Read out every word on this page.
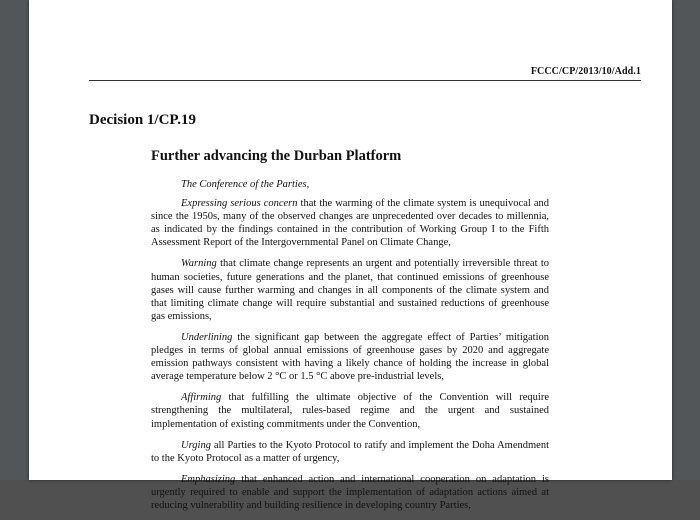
FCCC/CP/2013/10/Add.1
Decision 1/CP.19
Further advancing the Durban Platform

The Conference of the Parties,

Expressing serious concern that the warming of the climate system is unequivocal and since the 1950s, many of the observed changes are unprecedented over decades to millennia, as indicated by the findings contained in the contribution of Working Group I to the Fifth Assessment Report of the Intergovernmental Panel on Climate Change,

Warning that climate change represents an urgent and potentially irreversible threat to human societies, future generations and the planet, that continued emissions of greenhouse gases will cause further warming and changes in all components of the climate system and that limiting climate change will require substantial and sustained reductions of greenhouse gas emissions,

Underlining the significant gap between the aggregate effect of Parties’ mitigation pledges in terms of global annual emissions of greenhouse gases by 2020 and aggregate emission pathways consistent with having a likely chance of holding the increase in global average temperature below 2 °C or 1.5 °C above pre-industrial levels,

Affirming that fulfilling the ultimate objective of the Convention will require strengthening the multilateral, rules-based regime and the urgent and sustained implementation of existing commitments under the Convention,

Urging all Parties to the Kyoto Protocol to ratify and implement the Doha Amendment to the Kyoto Protocol as a matter of urgency,

Emphasizing that enhanced action and international cooperation on adaptation is urgently required to enable and support the implementation of adaptation actions aimed at reducing vulnerability and building resilience in developing country Parties,
